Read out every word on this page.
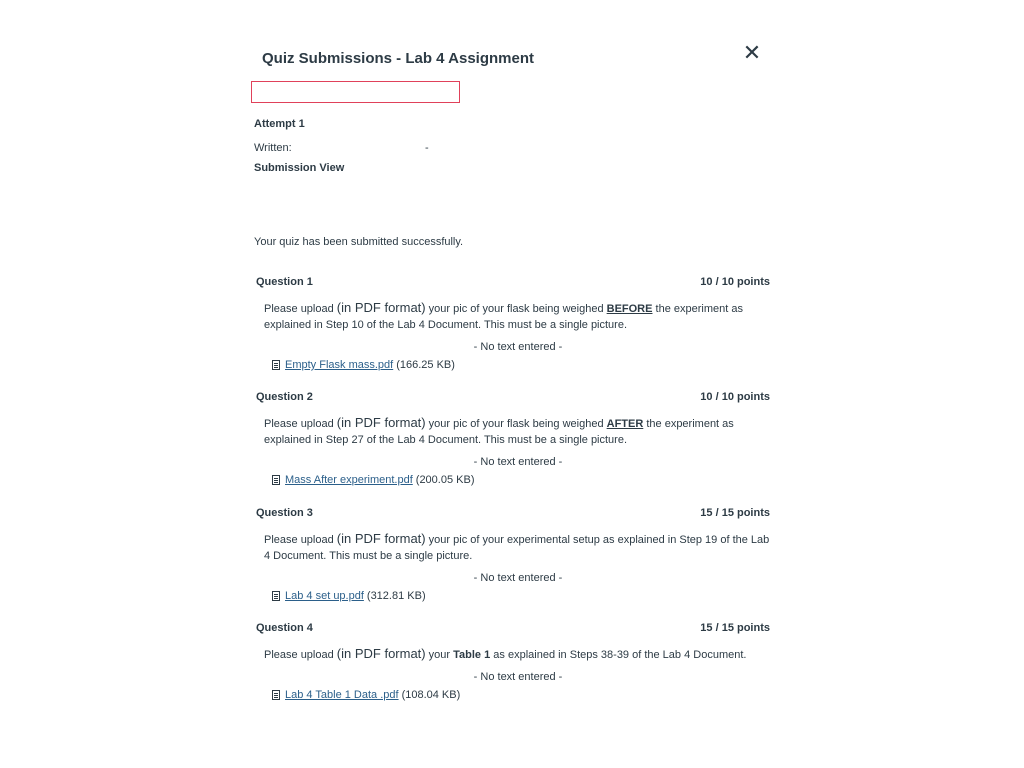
Quiz Submissions - Lab 4 Assignment	✕
Attempt 1
Written:	-
Submission View
Your quiz has been submitted successfully.
Question 1	10 / 10 points
Please upload (in PDF format) your pic of your flask being weighed BEFORE the experiment as explained in Step 10 of the Lab 4 Document. This must be a single picture.
- No text entered -
Empty Flask mass.pdf (166.25 KB)
Question 2	10 / 10 points
Please upload (in PDF format) your pic of your flask being weighed AFTER the experiment as explained in Step 27 of the Lab 4 Document. This must be a single picture.
- No text entered -
Mass After experiment.pdf (200.05 KB)
Question 3	15 / 15 points
Please upload (in PDF format) your pic of your experimental setup as explained in Step 19 of the Lab 4 Document. This must be a single picture.
- No text entered -
Lab 4 set up.pdf (312.81 KB)
Question 4	15 / 15 points
Please upload (in PDF format) your Table 1 as explained in Steps 38-39 of the Lab 4 Document.
- No text entered -
Lab 4 Table 1 Data .pdf (108.04 KB)
